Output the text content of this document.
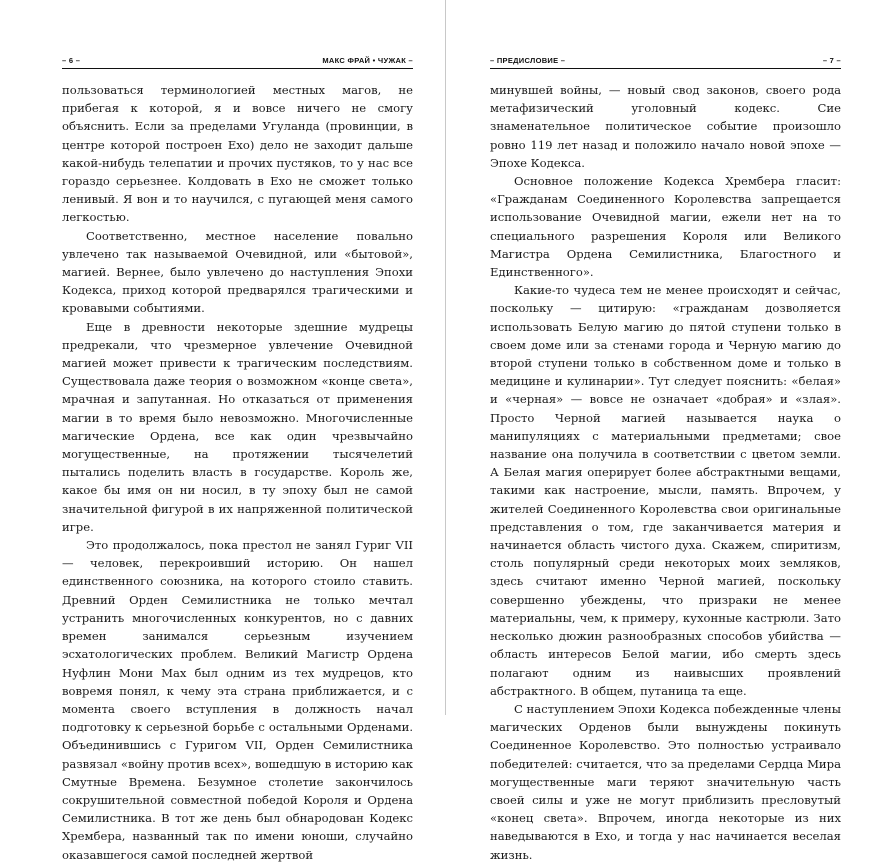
– 6 –	МАКС ФРАЙ • ЧУЖАК –

пользоваться терминологией местных магов, не прибегая к которой, я и вовсе ничего не смогу объяснить. Если за пределами Угуланда (провинции, в центре которой построен Ехо) дело не заходит дальше какой-нибудь телепатии и прочих пустяков, то у нас все гораздо серьезнее. Колдовать в Ехо не сможет только ленивый. Я вон и то научился, с пугающей меня самого легкостью.

Соответственно, местное население повально увлечено так называемой Очевидной, или «бытовой», магией. Вернее, было увлечено до наступления Эпохи Кодекса, приход которой предварялся трагическими и кровавыми событиями.

Еще в древности некоторые здешние мудрецы предрекали, что чрезмерное увлечение Очевидной магией может привести к трагическим последствиям. Существовала даже теория о возможном «конце света», мрачная и запутанная. Но отказаться от применения магии в то время было невозможно. Многочисленные магические Ордена, все как один чрезвычайно могущественные, на протяжении тысячелетий пытались поделить власть в государстве. Король же, какое бы имя он ни носил, в ту эпоху был не самой значительной фигурой в их напряженной политической игре.

Это продолжалось, пока престол не занял Гуриг VII — человек, перекроивший историю. Он нашел единственного союзника, на которого стоило ставить. Древний Орден Семилистника не только мечтал устранить многочисленных конкурентов, но с давних времен занимался серьезным изучением эсхатологических проблем. Великий Магистр Ордена Нуфлин Мони Мах был одним из тех мудрецов, кто вовремя понял, к чему эта страна приближается, и с момента своего вступления в должность начал подготовку к серьезной борьбе с остальными Орденами. Объединившись с Гуригом VII, Орден Семилистника развязал «войну против всех», вошедшую в историю как Смутные Времена. Безумное столетие закончилось сокрушительной совместной победой Короля и Ордена Семилистника. В тот же день был обнародован Кодекс Хрембера, названный так по имени юноши, случайно оказавшегося самой последней жертвой

– ПРЕДИСЛОВИЕ –	– 7 –

минувшей войны, — новый свод законов, своего рода метафизический уголовный кодекс. Сие знаменательное политическое событие произошло ровно 119 лет назад и положило начало новой эпохе — Эпохе Кодекса.

Основное положение Кодекса Хрембера гласит: «Гражданам Соединенного Королевства запрещается использование Очевидной магии, ежели нет на то специального разрешения Короля или Великого Магистра Ордена Семилистника, Благостного и Единственного».

Какие-то чудеса тем не менее происходят и сейчас, поскольку — цитирую: «гражданам дозволяется использовать Белую магию до пятой ступени только в своем доме или за стенами города и Черную магию до второй ступени только в собственном доме и только в медицине и кулинарии». Тут следует пояснить: «белая» и «черная» — вовсе не означает «добрая» и «злая». Просто Черной магией называется наука о манипуляциях с материальными предметами; свое название она получила в соответствии с цветом земли. А Белая магия оперирует более абстрактными вещами, такими как настроение, мысли, память. Впрочем, у жителей Соединенного Королевства свои оригинальные представления о том, где заканчивается материя и начинается область чистого духа. Скажем, спиритизм, столь популярный среди некоторых моих земляков, здесь считают именно Черной магией, поскольку совершенно убеждены, что призраки не менее материальны, чем, к примеру, кухонные кастрюли. Зато несколько дюжин разнообразных способов убийства — область интересов Белой магии, ибо смерть здесь полагают одним из наивысших проявлений абстрактного. В общем, путаница та еще.

С наступлением Эпохи Кодекса побежденные члены магических Орденов были вынуждены покинуть Соединенное Королевство. Это полностью устраивало победителей: считается, что за пределами Сердца Мира могущественные маги теряют значительную часть своей силы и уже не могут приблизить пресловутый «конец света». Впрочем, иногда некоторые из них наведываются в Ехо, и тогда у нас начинается веселая жизнь.
